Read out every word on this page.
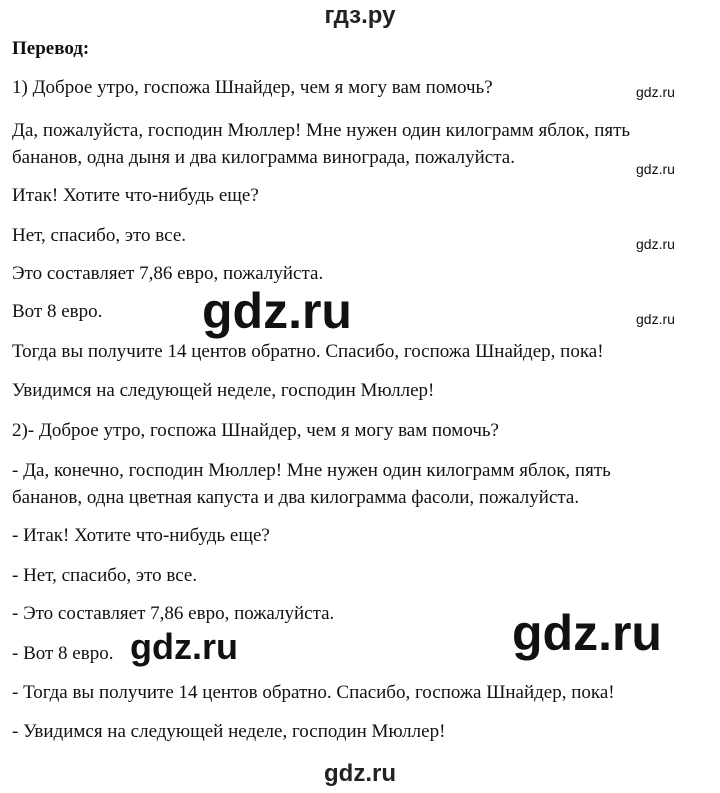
гдз.ру
Перевод:
1) Доброе утро, госпожа Шнайдер, чем я могу вам помочь?
Да, пожалуйста, господин Мюллер! Мне нужен один килограмм яблок, пять
бананов, одна дыня и два килограмма винограда, пожалуйста.
Итак! Хотите что-нибудь еще?
Нет, спасибо, это все.
Это составляет 7,86 евро, пожалуйста.
Вот 8 евро.
Тогда вы получите 14 центов обратно. Спасибо, госпожа Шнайдер, пока!
Увидимся на следующей неделе, господин Мюллер!
2)- Доброе утро, госпожа Шнайдер, чем я могу вам помочь?
- Да, конечно, господин Мюллер! Мне нужен один килограмм яблок, пять
бананов, одна цветная капуста и два килограмма фасоли, пожалуйста.
- Итак! Хотите что-нибудь еще?
- Нет, спасибо, это все.
- Это составляет 7,86 евро, пожалуйста.
- Вот 8 евро.
- Тогда вы получите 14 центов обратно. Спасибо, госпожа Шнайдер, пока!
- Увидимся на следующей неделе, господин Мюллер!
gdz.ru
gdz.ru
gdz.ru
gdz.ru
gdz.ru
gdz.ru
gdz.ru
gdz.ru
